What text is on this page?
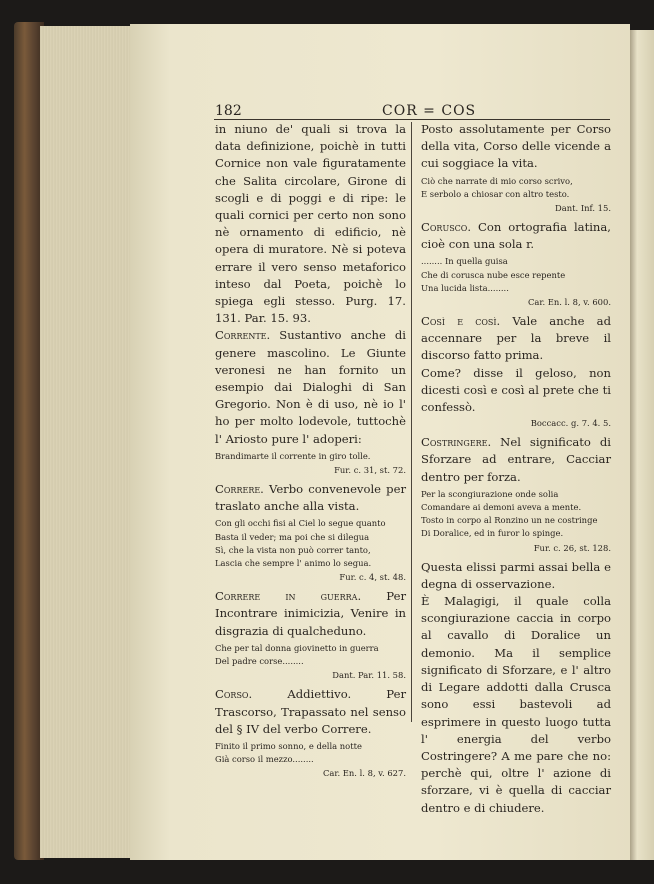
182	COR = COS

in niuno de' quali si trova la data definizione, poichè in tutti Cornice non vale figuratamente che Salita circolare, Girone di scogli e di poggi e di ripe: le quali cornici per certo non sono nè ornamento di edificio, nè opera di muratore. Nè si poteva errare il vero senso metaforico inteso dal Poeta, poichè lo spiega egli stesso. Purg. 17. 131. Par. 15. 93.

Corrente. Sustantivo anche di genere mascolino. Le Giunte veronesi ne han fornito un esempio dai Dialoghi di San Gregorio. Non è di uso, nè io l' ho per molto lodevole, tuttochè l' Ariosto pure l' adoperi:

Brandimarte il corrente in giro tolle.
Fur. c. 31, st. 72.

Correre. Verbo convenevole per traslato anche alla vista.

Con gli occhi fisi al Ciel lo segue quanto
Basta il veder; ma poi che si dilegua
Sì, che la vista non può correr tanto,
Lascia che sempre l' animo lo segua.
Fur. c. 4, st. 48.

Correre in guerra. Per Incontrare inimicizia, Venire in disgrazia di qualcheduno.

Che per tal donna giovinetto in guerra
Del padre corse........
Dant. Par. 11. 58.

Corso. Addiettivo. Per Trascorso, Trapassato nel senso del § IV del verbo Correre.

Finito il primo sonno, e della notte
Già corso il mezzo........
Car. En. l. 8, v. 627.

Posto assolutamente per Corso della vita, Corso delle vicende a cui soggiace la vita.

Ciò che narrate di mio corso scrivo,
E serbolo a chiosar con altro testo.
Dant. Inf. 15.

Corusco. Con ortografia latina, cioè con una sola r.

........ In quella guisa
Che di corusca nube esce repente
Una lucida lista........
Car. En. l. 8, v. 600.

Così e così. Vale anche ad accennare per la breve il discorso fatto prima.

Come? disse il geloso, non dicesti così e così al prete che ti confessò.

Boccacc. g. 7. 4. 5.

Costringere. Nel significato di Sforzare ad entrare, Cacciar dentro per forza.

Per la scongiurazione onde solia
Comandare ai demoni aveva a mente.
Tosto in corpo al Ronzino un ne costringe
Di Doralice, ed in furor lo spinge.
Fur. c. 26, st. 128.

Questa elissi parmi assai bella e degna di osservazione.

È Malagigi, il quale colla scongiurazione caccia in corpo al cavallo di Doralice un demonio. Ma il semplice significato di Sforzare, e l' altro di Legare addotti dalla Crusca sono essi bastevoli ad esprimere in questo luogo tutta l' energia del verbo Costringere? A me pare che no: perchè qui, oltre l' azione di sforzare, vi è quella di cacciar dentro e di chiudere.
